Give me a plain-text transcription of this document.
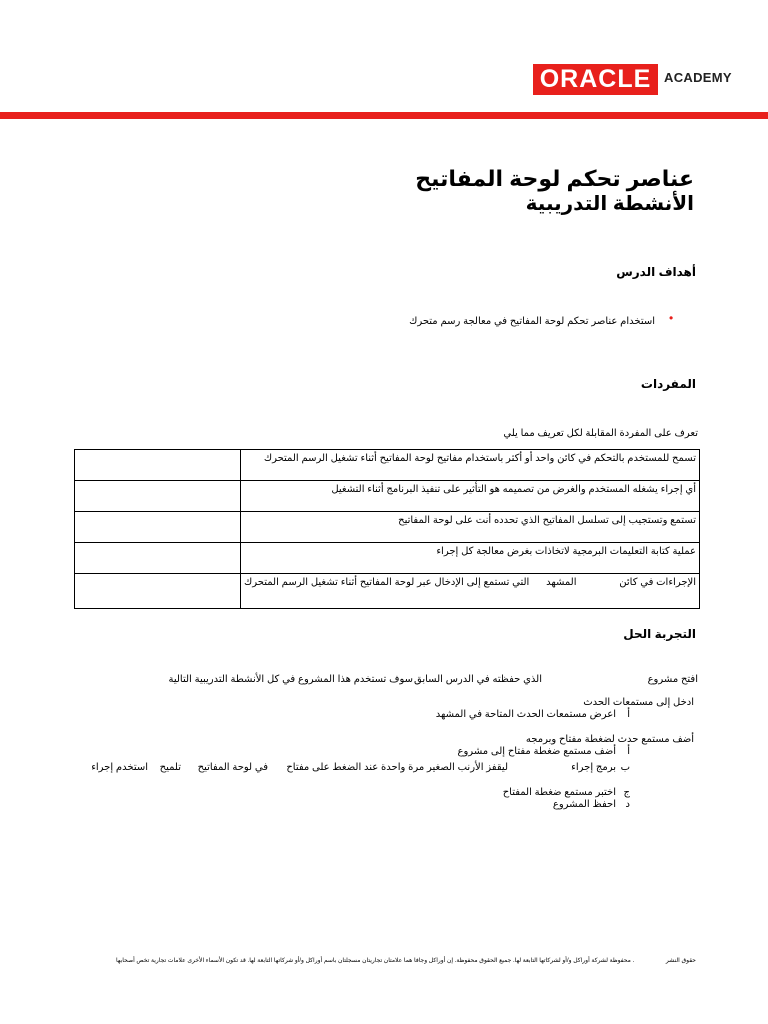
ORACLE ®
ACADEMY
عناصر تحكم لوحة المفاتيح
الأنشطة التدريبية
أهداف الدرس
•
استخدام عناصر تحكم لوحة المفاتيح في معالجة رسم متحرك
المفردات
تعرف على المفردة المقابلة لكل تعريف مما يلي
	تسمح للمستخدم بالتحكم في كائن واحد أو أكثر باستخدام مفاتيح لوحة المفاتيح أثناء تشغيل الرسم المتحرك
	أي إجراء يشغله المستخدم والغرض من تصميمه هو التأثير على تنفيذ البرنامج أثناء التشغيل
	تستمع وتستجيب إلى تسلسل المفاتيح الذي تحدده أنت على لوحة المفاتيح
	عملية كتابة التعليمات البرمجية لاتخاذات بغرض معالجة كل إجراء
	الإجراءات في كائن المشهد التي تستمع إلى الإدخال عبر لوحة المفاتيح أثناء تشغيل الرسم المتحرك
التجربة الحل
افتح مشروع
الذي حفظته في الدرس السابق
سوف تستخدم هذا المشروع في كل الأنشطة التدريبية التالية
ادخل إلى مستمعات الحدث
أ
اعرض مستمعات الحدث المتاحة في المشهد
أضف مستمع حدث لضغطة مفتاح وبرمجه
أ
أضف مستمع ضغطة مفتاح إلى مشروع
ب
برمج إجراء
ليقفز الأرنب الصغير مرة واحدة عند الضغط على مفتاح
في لوحة المفاتيح
تلميح
استخدم إجراء
ج
اختبر مستمع ضغطة المفتاح
د
احفظ المشروع
حقوق النشر . محفوظة لشركة أوراكل و/أو لشركاتها التابعة لها. جميع الحقوق محفوظة. إن أوراكل وجافا هما علامتان تجاريتان مسجلتان باسم أوراكل و/أو شركاتها التابعة لها. قد تكون الأسماء الأخرى علامات تجارية تخص أصحابها
